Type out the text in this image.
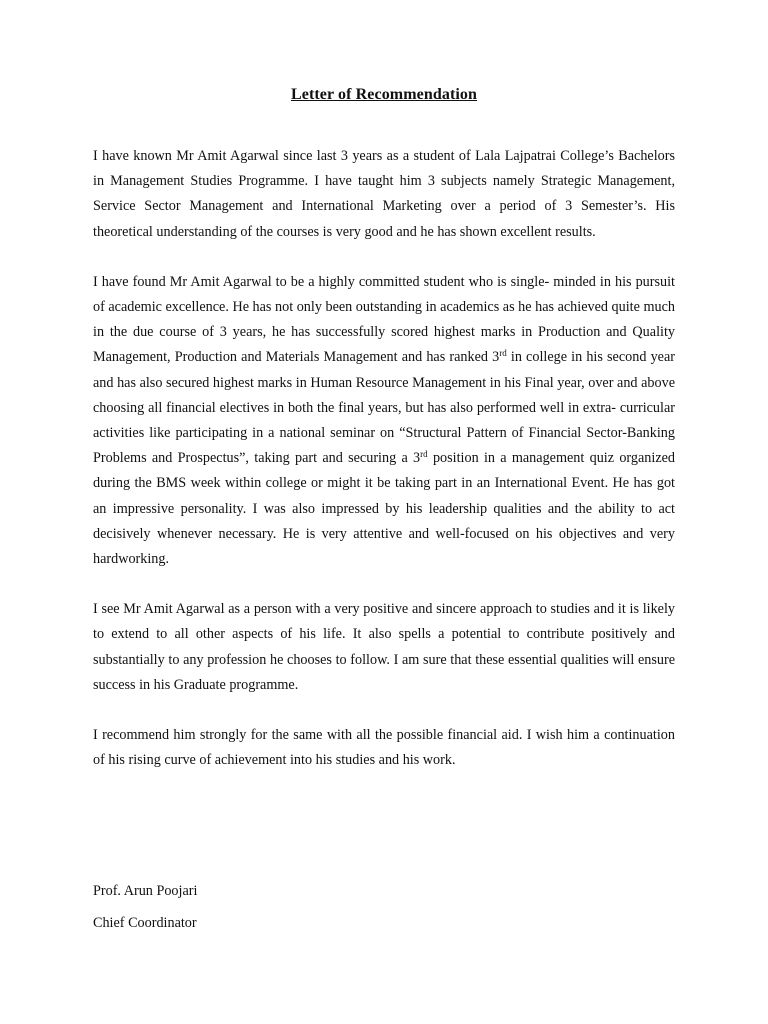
Letter of Recommendation

I have known Mr Amit Agarwal since last 3 years as a student of Lala Lajpatrai College’s Bachelors in Management Studies Programme. I have taught him 3 subjects namely Strategic Management, Service Sector Management and International Marketing over a period of 3 Semester’s. His theoretical understanding of the courses is very good and he has shown excellent results.

I have found Mr Amit Agarwal to be a highly committed student who is single- minded in his pursuit of academic excellence. He has not only been outstanding in academics as he has achieved quite much in the due course of 3 years, he has successfully scored highest marks in Production and Quality Management, Production and Materials Management and has ranked 3rd in college in his second year and has also secured highest marks in Human Resource Management in his Final year, over and above choosing all financial electives in both the final years, but has also performed well in extra- curricular activities like participating in a national seminar on “Structural Pattern of Financial Sector-Banking Problems and Prospectus”, taking part and securing a 3rd position in a management quiz organized during the BMS week within college or might it be taking part in an International Event. He has got an impressive personality. I was also impressed by his leadership qualities and the ability to act decisively whenever necessary. He is very attentive and well-focused on his objectives and very hardworking.

I see Mr Amit Agarwal as a person with a very positive and sincere approach to studies and it is likely to extend to all other aspects of his life. It also spells a potential to contribute positively and substantially to any profession he chooses to follow. I am sure that these essential qualities will ensure success in his Graduate programme.

I recommend him strongly for the same with all the possible financial aid. I wish him a continuation of his rising curve of achievement into his studies and his work.

Prof. Arun Poojari
Chief Coordinator
